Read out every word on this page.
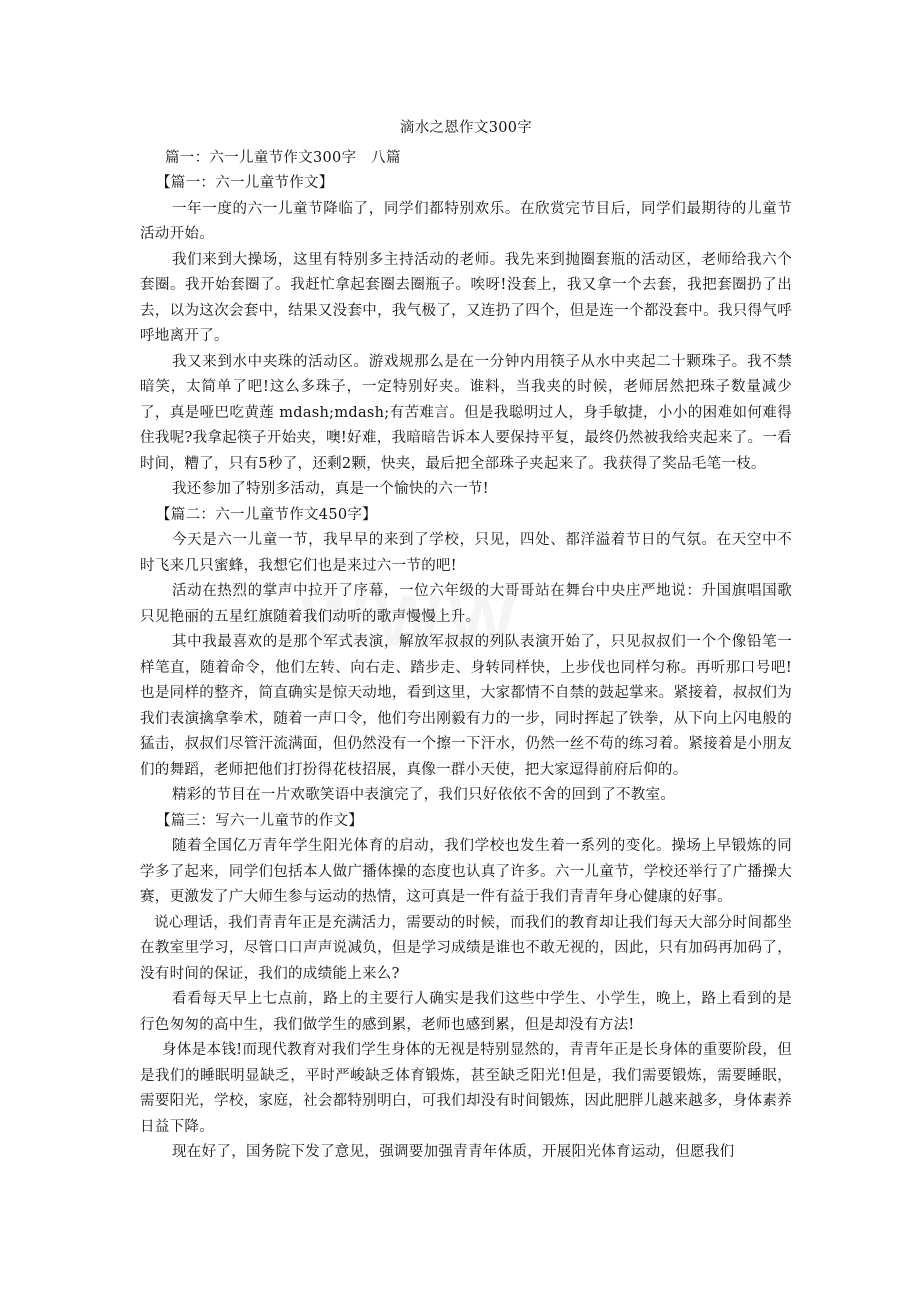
滴水之恩作文300字

篇一：六一儿童节作文300字　八篇

【篇一：六一儿童节作文】

一年一度的六一儿童节降临了，同学们都特别欢乐。在欣赏完节目后，同学们最期待的儿童节活动开始。

我们来到大操场，这里有特别多主持活动的老师。我先来到抛圈套瓶的活动区，老师给我六个套圈。我开始套圈了。我赶忙拿起套圈去圈瓶子。唉呀!没套上，我又拿一个去套，我把套圈扔了出去，以为这次会套中，结果又没套中，我气极了，又连扔了四个，但是连一个都没套中。我只得气呼呼地离开了。

我又来到水中夹珠的活动区。游戏规那么是在一分钟内用筷子从水中夹起二十颗珠子。我不禁暗笑，太简单了吧!这么多珠子，一定特别好夹。谁料，当我夹的时候，老师居然把珠子数量减少了，真是哑巴吃黄莲 mdash;mdash;有苦难言。但是我聪明过人，身手敏捷，小小的困难如何难得住我呢?我拿起筷子开始夹，噢!好难，我暗暗告诉本人要保持平复，最终仍然被我给夹起来了。一看时间，糟了，只有5秒了，还剩2颗，快夹，最后把全部珠子夹起来了。我获得了奖品毛笔一枝。

我还参加了特别多活动，真是一个愉快的六一节!

【篇二：六一儿童节作文450字】

今天是六一儿童一节，我早早的来到了学校，只见，四处、都洋溢着节日的气氛。在天空中不时飞来几只蜜蜂，我想它们也是来过六一节的吧!

活动在热烈的掌声中拉开了序幕，一位六年级的大哥哥站在舞台中央庄严地说：升国旗唱国歌只见艳丽的五星红旗随着我们动听的歌声慢慢上升。

其中我最喜欢的是那个军式表演，解放军叔叔的列队表演开始了，只见叔叔们一个个像铅笔一样笔直，随着命令，他们左转、向右走、踏步走、身转同样快，上步伐也同样匀称。再听那口号吧!也是同样的整齐，简直确实是惊天动地，看到这里，大家都情不自禁的鼓起掌来。紧接着，叔叔们为我们表演擒拿拳术，随着一声口令，他们夸出刚毅有力的一步，同时挥起了铁拳，从下向上闪电般的猛击，叔叔们尽管汗流满面，但仍然没有一个擦一下汗水，仍然一丝不苟的练习着。紧接着是小朋友们的舞蹈，老师把他们打扮得花枝招展，真像一群小天使，把大家逗得前府后仰的。

精彩的节目在一片欢歌笑语中表演完了，我们只好依依不舍的回到了不教室。

【篇三：写六一儿童节的作文】

随着全国亿万青年学生阳光体育的启动，我们学校也发生着一系列的变化。操场上早锻炼的同学多了起来，同学们包括本人做广播体操的态度也认真了许多。六一儿童节，学校还举行了广播操大赛，更激发了广大师生参与运动的热情，这可真是一件有益于我们青青年身心健康的好事。

说心理话，我们青青年正是充满活力，需要动的时候，而我们的教育却让我们每天大部分时间都坐在教室里学习，尽管口口声声说减负，但是学习成绩是谁也不敢无视的，因此，只有加码再加码了，没有时间的保证，我们的成绩能上来么?

看看每天早上七点前，路上的主要行人确实是我们这些中学生、小学生，晚上，路上看到的是行色匆匆的高中生，我们做学生的感到累，老师也感到累，但是却没有方法!

身体是本钱!而现代教育对我们学生身体的无视是特别显然的，青青年正是长身体的重要阶段，但是我们的睡眠明显缺乏，平时严峻缺乏体育锻炼，甚至缺乏阳光!但是，我们需要锻炼，需要睡眠，需要阳光，学校，家庭，社会都特别明白，可我们却没有时间锻炼，因此肥胖儿越来越多，身体素养日益下降。

现在好了，国务院下发了意见，强调要加强青青年体质，开展阳光体育运动，但愿我们
